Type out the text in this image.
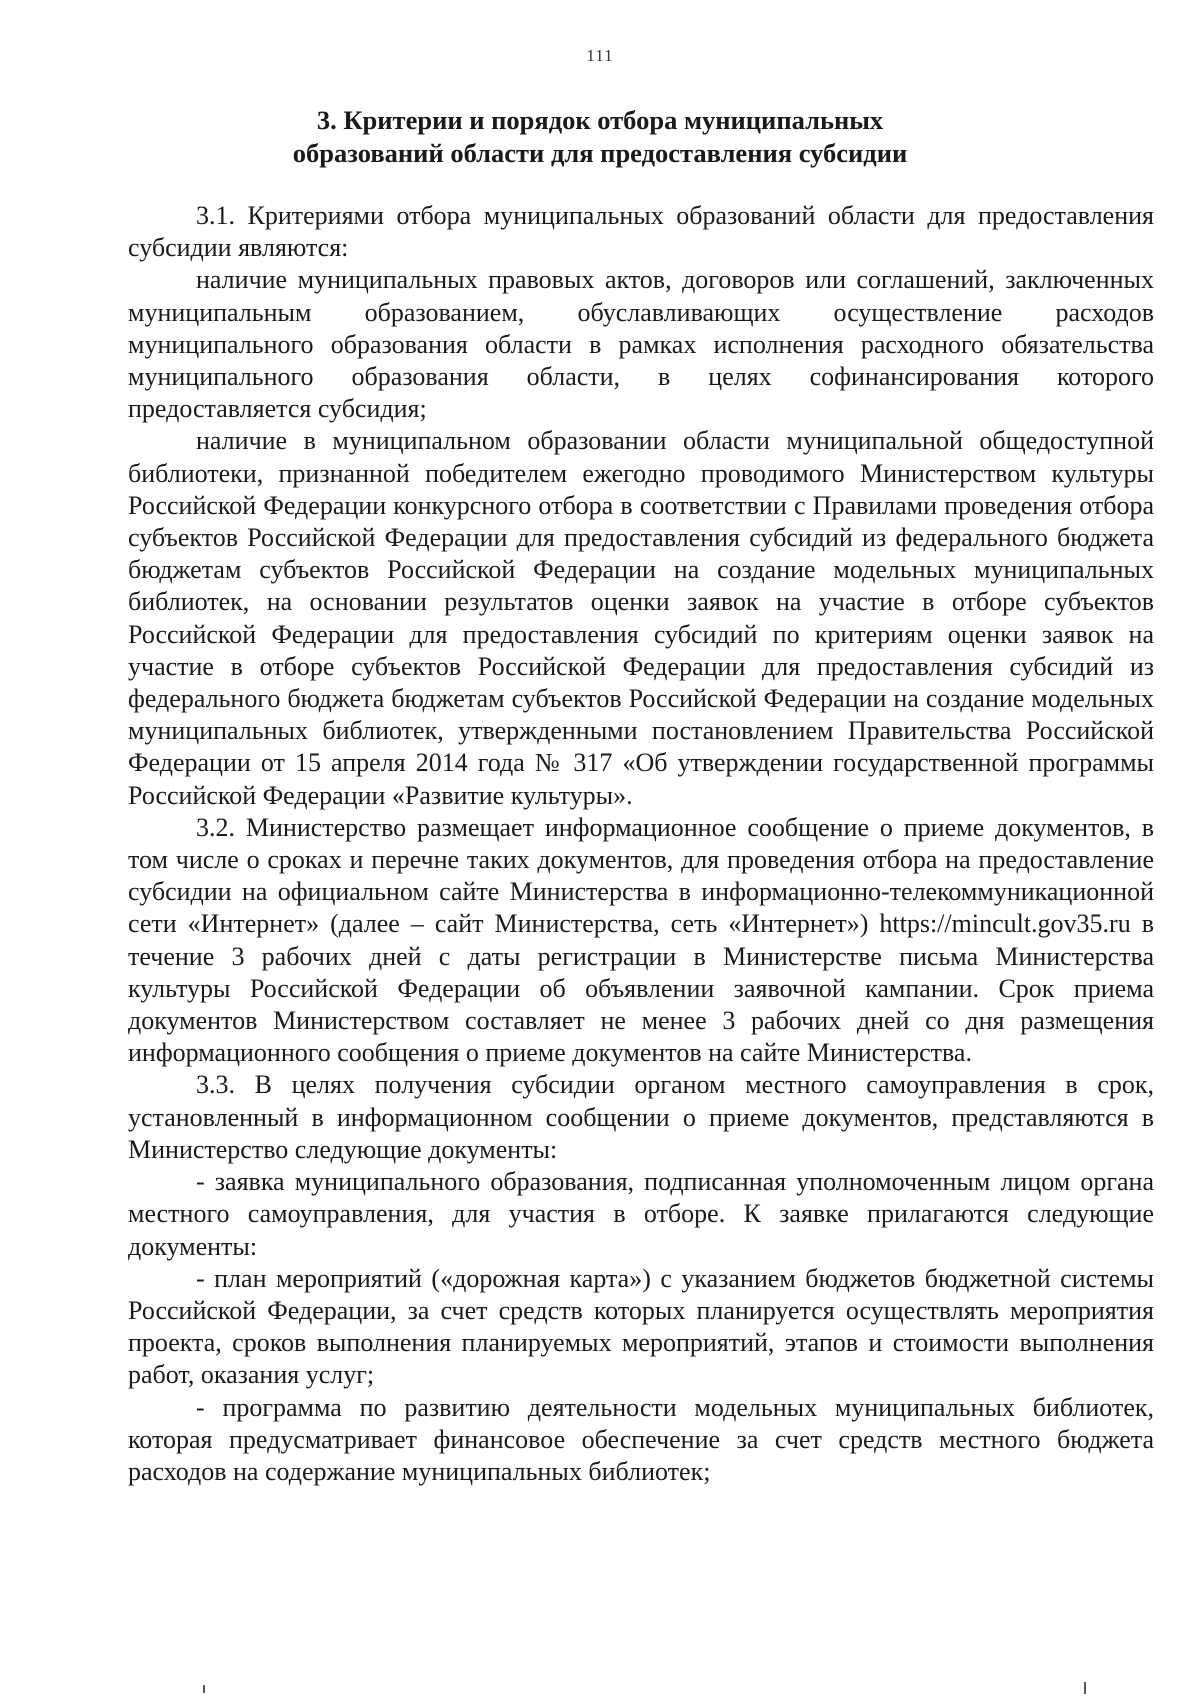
111
3. Критерии и порядок отбора муниципальных
образований области для предоставления субсидии

3.1. Критериями отбора муниципальных образований области для предоставления субсидии являются:

наличие муниципальных правовых актов, договоров или соглашений, заключенных муниципальным образованием, обуславливающих осуществление расходов муниципального образования области в рамках исполнения расходного обязательства муниципального образования области, в целях софинансирования которого предоставляется субсидия;

наличие в муниципальном образовании области муниципальной общедоступной библиотеки, признанной победителем ежегодно проводимого Министерством культуры Российской Федерации конкурсного отбора в соответствии с Правилами проведения отбора субъектов Российской Федерации для предоставления субсидий из федерального бюджета бюджетам субъектов Российской Федерации на создание модельных муниципальных библиотек, на основании результатов оценки заявок на участие в отборе субъектов Российской Федерации для предоставления субсидий по критериям оценки заявок на участие в отборе субъектов Российской Федерации для предоставления субсидий из федерального бюджета бюджетам субъектов Российской Федерации на создание модельных муниципальных библиотек, утвержденными постановлением Правительства Российской Федерации от 15 апреля 2014 года № 317 «Об утверждении государственной программы Российской Федерации «Развитие культуры».

3.2. Министерство размещает информационное сообщение о приеме документов, в том числе о сроках и перечне таких документов, для проведения отбора на предоставление субсидии на официальном сайте Министерства в информационно-телекоммуникационной сети «Интернет» (далее – сайт Министерства, сеть «Интернет») https://mincult.gov35.ru в течение 3 рабочих дней с даты регистрации в Министерстве письма Министерства культуры Российской Федерации об объявлении заявочной кампании. Срок приема документов Министерством составляет не менее 3 рабочих дней со дня размещения информационного сообщения о приеме документов на сайте Министерства.

3.3. В целях получения субсидии органом местного самоуправления в срок, установленный в информационном сообщении о приеме документов, представляются в Министерство следующие документы:

- заявка муниципального образования, подписанная уполномоченным лицом органа местного самоуправления, для участия в отборе. К заявке прилагаются следующие документы:

- план мероприятий («дорожная карта») с указанием бюджетов бюджетной системы Российской Федерации, за счет средств которых планируется осуществлять мероприятия проекта, сроков выполнения планируемых мероприятий, этапов и стоимости выполнения работ, оказания услуг;

- программа по развитию деятельности модельных муниципальных библиотек, которая предусматривает финансовое обеспечение за счет средств местного бюджета расходов на содержание муниципальных библиотек;
